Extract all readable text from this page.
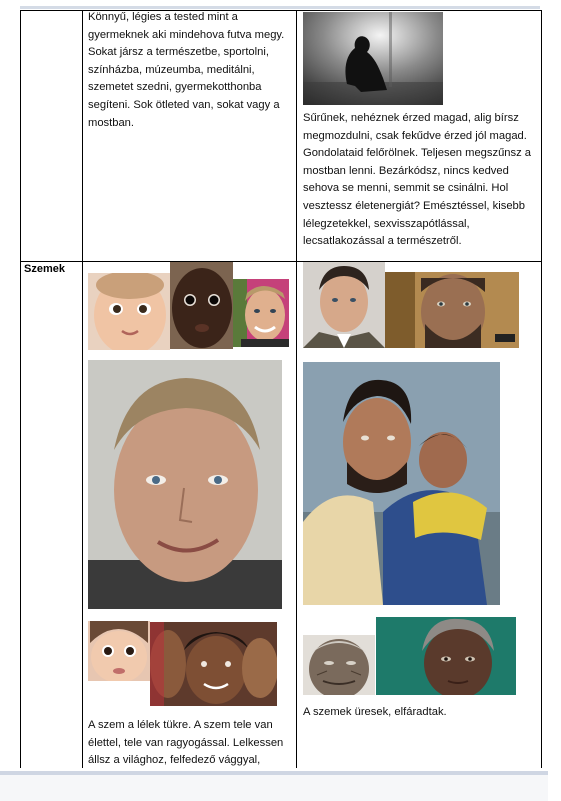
Könnyű, légies a tested mint a gyermeknek aki mindehova futva megy. Sokat jársz a természetbe, sportolni, színházba, múzeumba, meditálni, szemetet szedni, gyermekotthonba segíteni. Sok ötleted van, sokat vagy a mostban.	Sűrűnek, nehéznek érzed magad, alig bírsz megmozdulni, csak fekűdve érzed jól magad. Gondolataid felőrölnek. Teljesen megszűnsz a mostban lenni. Bezárkódsz, nincs kedved sehova se menni, semmit se csinálni. Hol vesztessz életenergiát? Emésztéssel, kisebb lélegzetekkel, sexvisszapótlással, lecsatlakozással a természetről.
Szemek
A szem a lélek tükre. A szem tele van élettel, tele van ragyogással. Lelkessen állsz a világhoz, felfedező vággyal,
A szemek üresek, elfáradtak.
